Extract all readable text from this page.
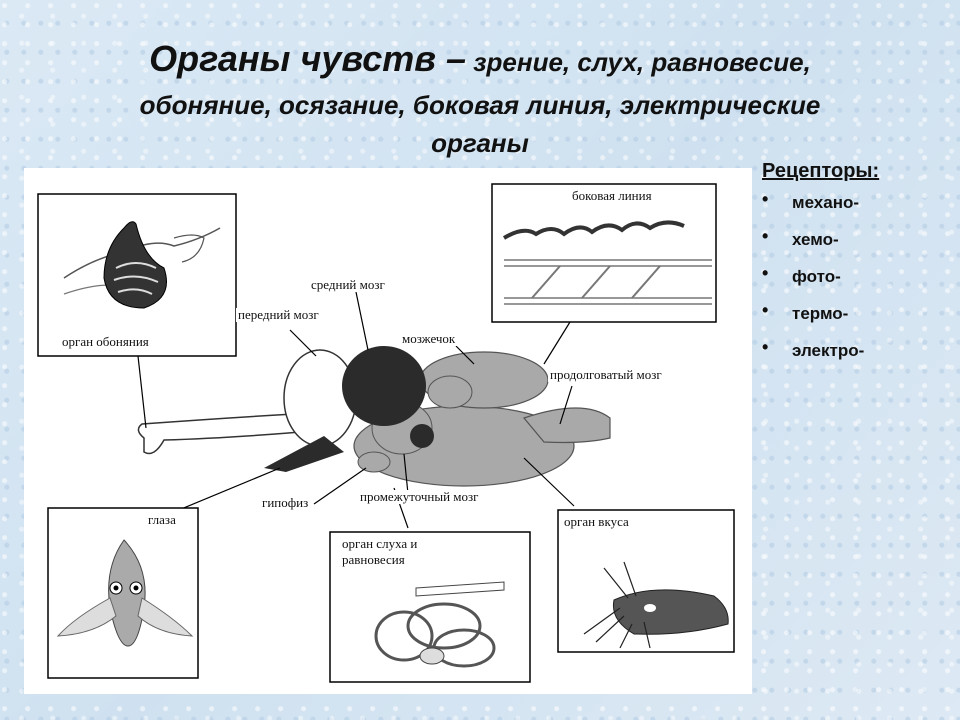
Органы чувств – зрение, слух, равновесие,
обоняние, осязание, боковая линия, электрические
органы
орган обоняния
боковая линия
глаза
орган слуха и
равновесия
орган вкуса
средний мозг
передний мозг
мозжечок
продолговатый мозг
гипофиз	промежуточный мозг
Рецепторы:
• механо-
• хемо-
• фото-
• термо-
• электро-
